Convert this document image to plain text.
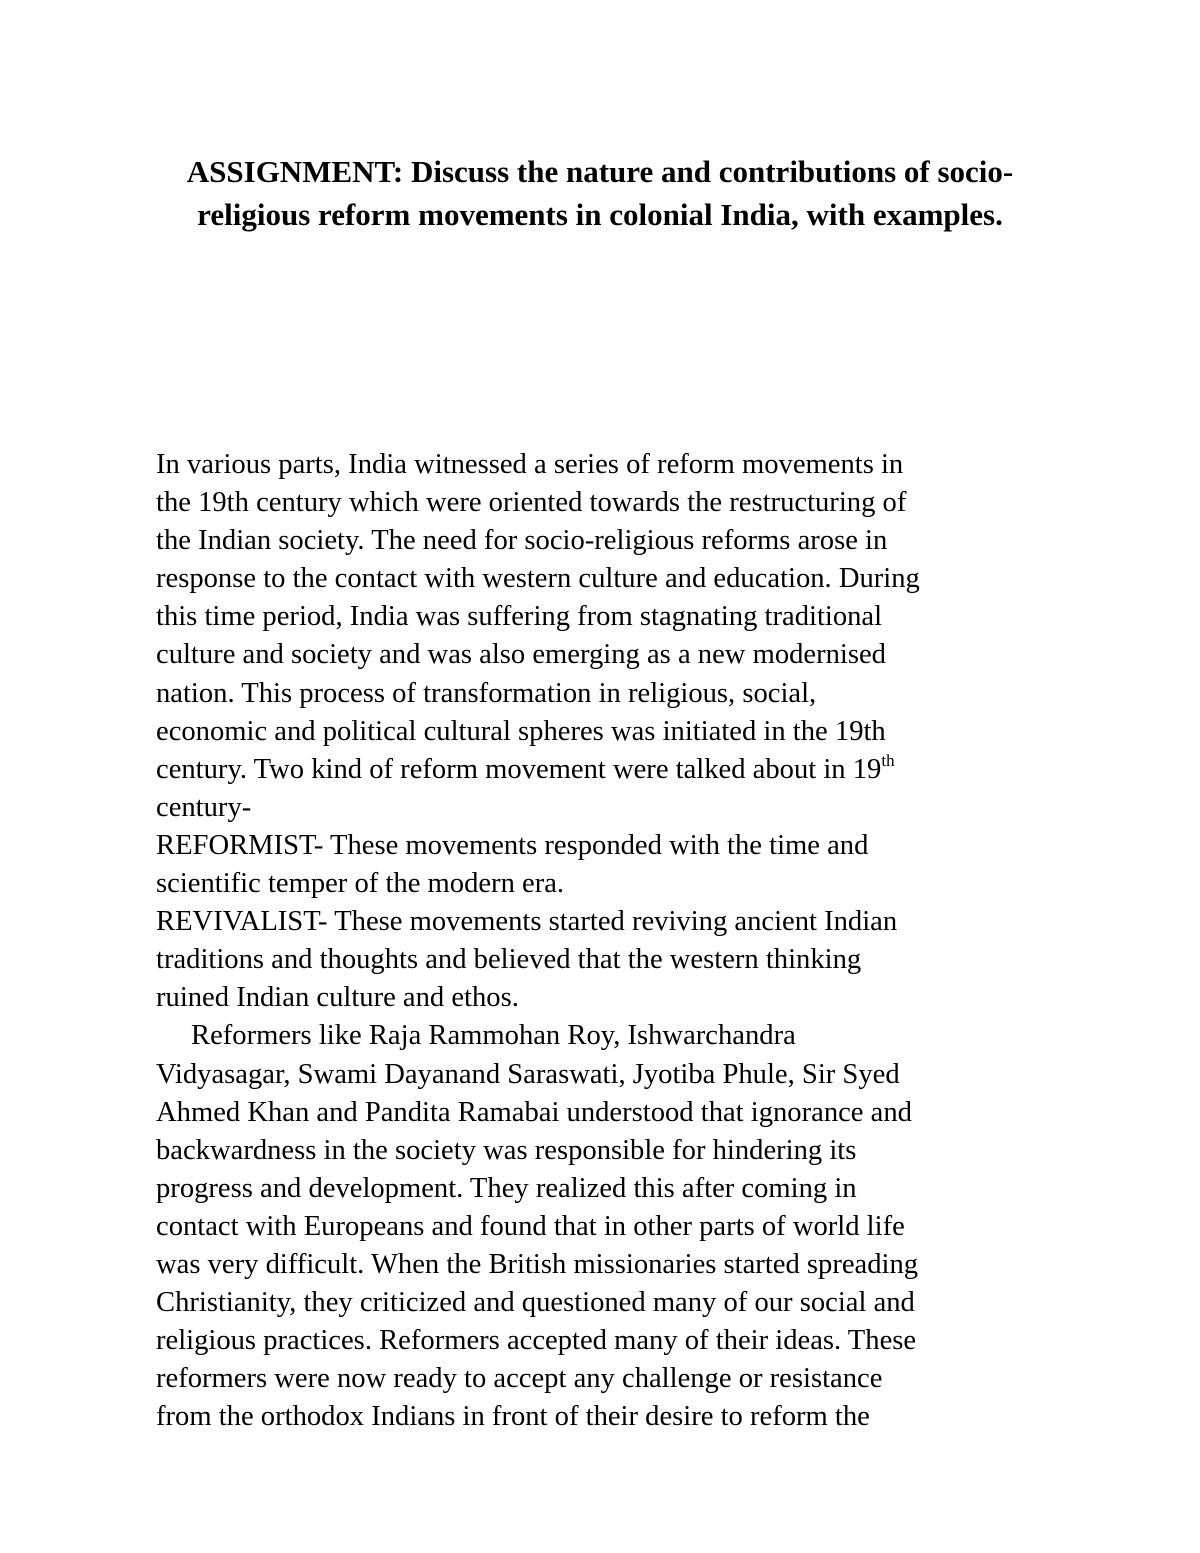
ASSIGNMENT: Discuss the nature and contributions of socio-religious reform movements in colonial India, with examples.
In various parts, India witnessed a series of reform movements in
the 19th century which were oriented towards the restructuring of
the Indian society. The need for socio-religious reforms arose in
response to the contact with western culture and education. During
this time period, India was suffering from stagnating traditional
culture and society and was also emerging as a new modernised
nation. This process of transformation in religious, social,
economic and political cultural spheres was initiated in the 19th
century. Two kind of reform movement were talked about in 19th
century-
REFORMIST- These movements responded with the time and
scientific temper of the modern era.
REVIVALIST- These movements started reviving ancient Indian
traditions and thoughts and believed that the western thinking
ruined Indian culture and ethos.
Reformers like Raja Rammohan Roy, Ishwarchandra
Vidyasagar, Swami Dayanand Saraswati, Jyotiba Phule, Sir Syed
Ahmed Khan and Pandita Ramabai understood that ignorance and
backwardness in the society was responsible for hindering its
progress and development. They realized this after coming in
contact with Europeans and found that in other parts of world life
was very difficult. When the British missionaries started spreading
Christianity, they criticized and questioned many of our social and
religious practices. Reformers accepted many of their ideas. These
reformers were now ready to accept any challenge or resistance
from the orthodox Indians in front of their desire to reform the
